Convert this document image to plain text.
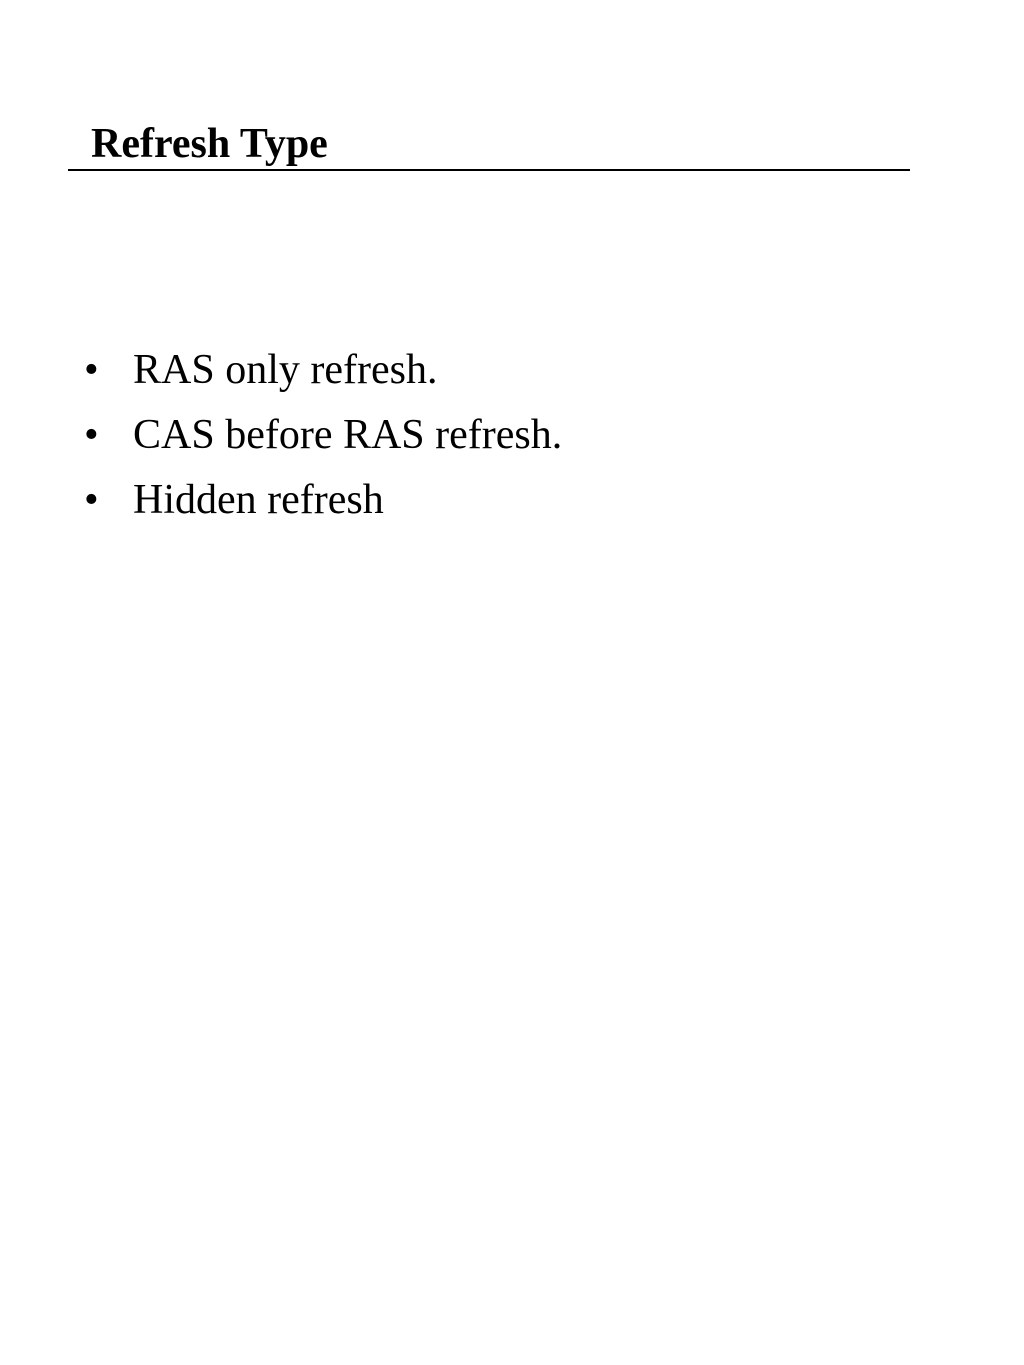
Refresh Type
• RAS only refresh.
• CAS before RAS refresh.
• Hidden refresh
